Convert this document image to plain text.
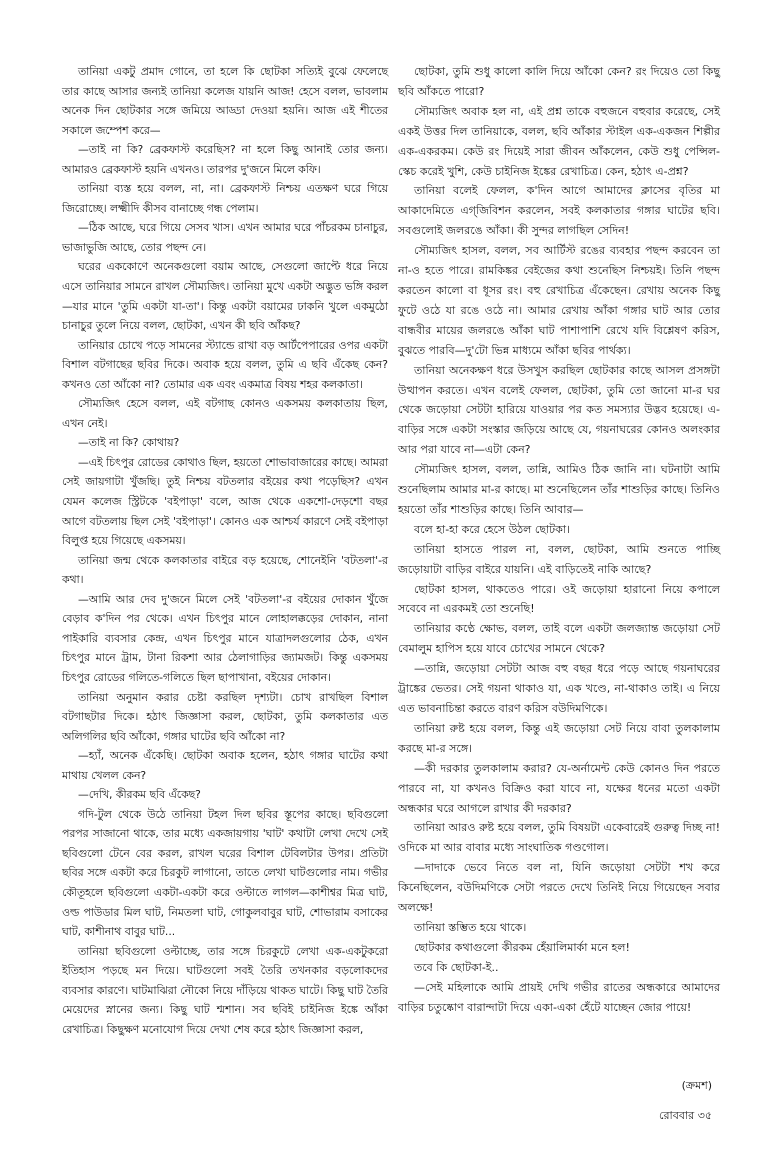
তানিয়া একটু প্রমাদ গোনে, তা হলে কি ছোটকা সত্যিই বুঝে ফেলেছে তার কাছে আসার জন্যই তানিয়া কলেজ যায়নি আজ! হেসে বলল, ভাবলাম অনেক দিন ছোটকার সঙ্গে জমিয়ে আড্ডা দেওয়া হয়নি। আজ এই শীতের সকালে জম্পেশ করে—

—তাই না কি? ব্রেকফাস্ট করেছিস? না হলে কিছু আনাই তোর জন্য। আমারও ব্রেকফাস্ট হয়নি এখনও। তারপর দু'জনে মিলে কফি।

তানিয়া ব্যস্ত হয়ে বলল, না, না। ব্রেকফাস্ট নিশ্চয় এতক্ষণ ঘরে গিয়ে জিরোচ্ছে। লক্ষ্মীদি কীসব বানাচ্ছে গন্ধ পেলাম।

—ঠিক আছে, ঘরে গিয়ে সেসব খাস। এখন আমার ঘরে পাঁচরকম চানাচুর, ভাজাভুজি আছে, তোর পছন্দ নে।

ঘরের এককোণে অনেকগুলো বয়াম আছে, সেগুলো জাপ্টে ধরে নিয়ে এসে তানিয়ার সামনে রাখল সৌম্যজিৎ। তানিয়া মুখে একটা অদ্ভুত ভঙ্গি করল—যার মানে 'তুমি একটা যা-তা'। কিন্তু একটা বয়ামের ঢাকনি খুলে একমুঠো চানাচুর তুলে নিয়ে বলল, ছোটকা, এখন কী ছবি আঁকছ?

তানিয়ার চোখে পড়ে সামনের স্ট্যান্ডে রাখা বড় আর্টপেপারের ওপর একটা বিশাল বটগাছের ছবির দিকে। অবাক হয়ে বলল, তুমি এ ছবি এঁকেছ কেন? কখনও তো আঁকো না? তোমার এক এবং একমাত্র বিষয় শহর কলকাতা।

সৌম্যজিৎ হেসে বলল, এই বটগাছ কোনও একসময় কলকাতায় ছিল, এখন নেই।

—তাই না কি? কোথায়?

—এই চিৎপুর রোডের কোথাও ছিল, হয়তো শোভাবাজারের কাছে। আমরা সেই জায়গাটা খুঁজছি। তুই নিশ্চয় বটতলার বইয়ের কথা পড়েছিস? এখন যেমন কলেজ স্ট্রিটকে 'বইপাড়া' বলে, আজ থেকে একশো-দেড়শো বছর আগে বটতলায় ছিল সেই 'বইপাড়া'। কোনও এক আশ্চর্য কারণে সেই বইপাড়া বিলুপ্ত হয়ে গিয়েছে একসময়।

তানিয়া জন্ম থেকে কলকাতার বাইরে বড় হয়েছে, শোনেইনি 'বটতলা'-র কথা।

—আমি আর দেব দু'জনে মিলে সেই 'বটতলা'-র বইয়ের দোকান খুঁজে বেড়াব ক'দিন পর থেকে। এখন চিৎপুর মানে লোহালক্কড়ের দোকান, নানা পাইকারি ব্যবসার কেন্দ্র, এখন চিৎপুর মানে যাত্রাদলগুলোর ঠেক, এখন চিৎপুর মানে ট্রাম, টানা রিকশা আর ঠেলাগাড়ির জ্যামজট। কিন্তু একসময় চিৎপুর রোডের গলিতে-গলিতে ছিল ছাপাখানা, বইয়ের দোকান।

তানিয়া অনুমান করার চেষ্টা করছিল দৃশ্যটা। চোখ রাখছিল বিশাল বটগাছটার দিকে। হঠাৎ জিজ্ঞাসা করল, ছোটকা, তুমি কলকাতার এত অলিগলির ছবি আঁকো, গঙ্গার ঘাটের ছবি আঁকো না?

—হ্যাঁ, অনেক এঁকেছি। ছোটকা অবাক হলেন, হঠাৎ গঙ্গার ঘাটের কথা মাথায় খেলল কেন?

—দেখি, কীরকম ছবি এঁকেছ?

গদি-টুল থেকে উঠে তানিয়া টহল দিল ছবির স্তূপের কাছে। ছবিগুলো পরপর সাজানো থাকে, তার মধ্যে একজায়গায় 'ঘাট' কথাটা লেখা দেখে সেই ছবিগুলো টেনে বের করল, রাখল ঘরের বিশাল টেবিলটার উপর। প্রতিটা ছবির সঙ্গে একটা করে চিরকুট লাগানো, তাতে লেখা ঘাটগুলোর নাম। গভীর কৌতূহলে ছবিগুলো একটা-একটা করে ওল্টাতে লাগল—কাশীশ্বর মিত্র ঘাট, ওল্ড পাউডার মিল ঘাট, নিমতলা ঘাট, গোকুলবাবুর ঘাট, শোভারাম বসাকের ঘাট, কাশীনাথ বাবুর ঘাট...

তানিয়া ছবিগুলো ওল্টাচ্ছে, তার সঙ্গে চিরকুটে লেখা এক-একটুকরো ইতিহাস পড়ছে মন দিয়ে। ঘাটগুলো সবই তৈরি তখনকার বড়লোকদের ব্যবসার কারণে। ঘাটমাঝিরা নৌকো নিয়ে দাঁড়িয়ে থাকত ঘাটে। কিছু ঘাট তৈরি মেয়েদের স্নানের জন্য। কিছু ঘাট শ্মশান। সব ছবিই চাইনিজ ইঙ্কে আঁকা রেখাচিত্র। কিছুক্ষণ মনোযোগ দিয়ে দেখা শেষ করে হঠাৎ জিজ্ঞাসা করল,

ছোটকা, তুমি শুধু কালো কালি দিয়ে আঁকো কেন? রং দিয়েও তো কিছু ছবি আঁকতে পারো?

সৌম্যজিৎ অবাক হল না, এই প্রশ্ন তাকে বহুজনে বহুবার করেছে, সেই একই উত্তর দিল তানিয়াকে, বলল, ছবি আঁকার স্টাইল এক-একজন শিল্পীর এক-একরকম। কেউ রং দিয়েই সারা জীবন আঁকলেন, কেউ শুধু পেন্সিল-স্কেচ করেই খুশি, কেউ চাইনিজ ইঙ্কের রেখাচিত্র। কেন, হঠাৎ এ-প্রশ্ন?

তানিয়া বলেই ফেলল, ক'দিন আগে আমাদের ক্লাসের বৃতির মা আকাদেমিতে এগ্‌জিবিশন করলেন, সবই কলকাতার গঙ্গার ঘাটের ছবি। সবগুলোই জলরঙে আঁকা। কী সুন্দর লাগছিল সেদিন!

সৌম্যজিৎ হাসল, বলল, সব আর্টিস্ট রঙের ব্যবহার পছন্দ করবেন তা না-ও হতে পারে। রামকিঙ্কর বেইজের কথা শুনেছিস নিশ্চয়ই। তিনি পছন্দ করতেন কালো বা ধূসর রং। বহু রেখাচিত্র এঁকেছেন। রেখায় অনেক কিছু ফুটে ওঠে যা রঙে ওঠে না। আমার রেখায় আঁকা গঙ্গার ঘাট আর তোর বান্ধবীর মায়ের জলরঙে আঁকা ঘাট পাশাপাশি রেখে যদি বিশ্লেষণ করিস, বুঝতে পারবি—দু'টো ভিন্ন মাধ্যমে আঁকা ছবির পার্থক্য।

তানিয়া অনেকক্ষণ ধরে উসখুস করছিল ছোটকার কাছে আসল প্রসঙ্গটা উত্থাপন করতে। এখন বলেই ফেলল, ছোটকা, তুমি তো জানো মা-র ঘর থেকে জড়োয়া সেটটা হারিয়ে যাওয়ার পর কত সমস্যার উদ্ভব হয়েছে। এ-বাড়ির সঙ্গে একটা সংস্কার জড়িয়ে আছে যে, গয়নাঘরের কোনও অলংকার আর পরা যাবে না—এটা কেন?

সৌম্যজিৎ হাসল, বলল, তান্নি, আমিও ঠিক জানি না। ঘটনাটা আমি শুনেছিলাম আমার মা-র কাছে। মা শুনেছিলেন তাঁর শাশুড়ির কাছে। তিনিও হয়তো তাঁর শাশুড়ির কাছে। তিনি আবার—

বলে হা-হা করে হেসে উঠল ছোটকা।

তানিয়া হাসতে পারল না, বলল, ছোটকা, আমি শুনতে পাচ্ছি জড়োয়াটা বাড়ির বাইরে যায়নি। এই বাড়িতেই নাকি আছে?

ছোটকা হাসল, থাকতেও পারে। ওই জড়োয়া হারানো নিয়ে কপালে সবেবে না এরকমই তো শুনেছি!

তানিয়ার কণ্ঠে ক্ষোভ, বলল, তাই বলে একটা জলজ্যান্ত জড়োয়া সেট বেমালুম হাপিস হয়ে যাবে চোখের সামনে থেকে?

—তান্নি, জড়োয়া সেটটা আজ বহু বছর ধরে পড়ে আছে গয়নাঘরের ট্রাঙ্কের ভেতর। সেই গয়না থাকাও যা, এক খণ্ডে, না-থাকাও তাই। এ নিয়ে এত ভাবনাচিন্তা করতে বারণ করিস বউদিমণিকে।

তানিয়া রুষ্ট হয়ে বলল, কিন্তু এই জড়োয়া সেট নিয়ে বাবা তুলকালাম করছে মা-র সঙ্গে।

—কী দরকার তুলকালাম করার? যে-অর্নামেন্ট কেউ কোনও দিন পরতে পারবে না, যা কখনও বিক্রিও করা যাবে না, যক্ষের ধনের মতো একটা অন্ধকার ঘরে আগলে রাখার কী দরকার?

তানিয়া আরও রুষ্ট হয়ে বলল, তুমি বিষয়টা একেবারেই গুরুত্ব দিচ্ছ না! ওদিকে মা আর বাবার মধ্যে সাংঘাতিক গণ্ডগোল।

—দাদাকে ভেবে নিতে বল না, যিনি জড়োয়া সেটটা শখ করে কিনেছিলেন, বউদিমণিকে সেটা পরতে দেখে তিনিই নিয়ে গিয়েছেন সবার অলক্ষে!

তানিয়া স্তম্ভিত হয়ে থাকে।

ছোটকার কথাগুলো কীরকম হেঁয়ালিমার্কা মনে হল!

তবে কি ছোটকা-ই..

—সেই মহিলাকে আমি প্রায়ই দেখি গভীর রাতের অন্ধকারে আমাদের বাড়ির চতুষ্কোণ বারান্দাটা দিয়ে একা-একা হেঁটে যাচ্ছেন জোর পায়ে!

(ক্রমশ)
রোববার ৩৫
